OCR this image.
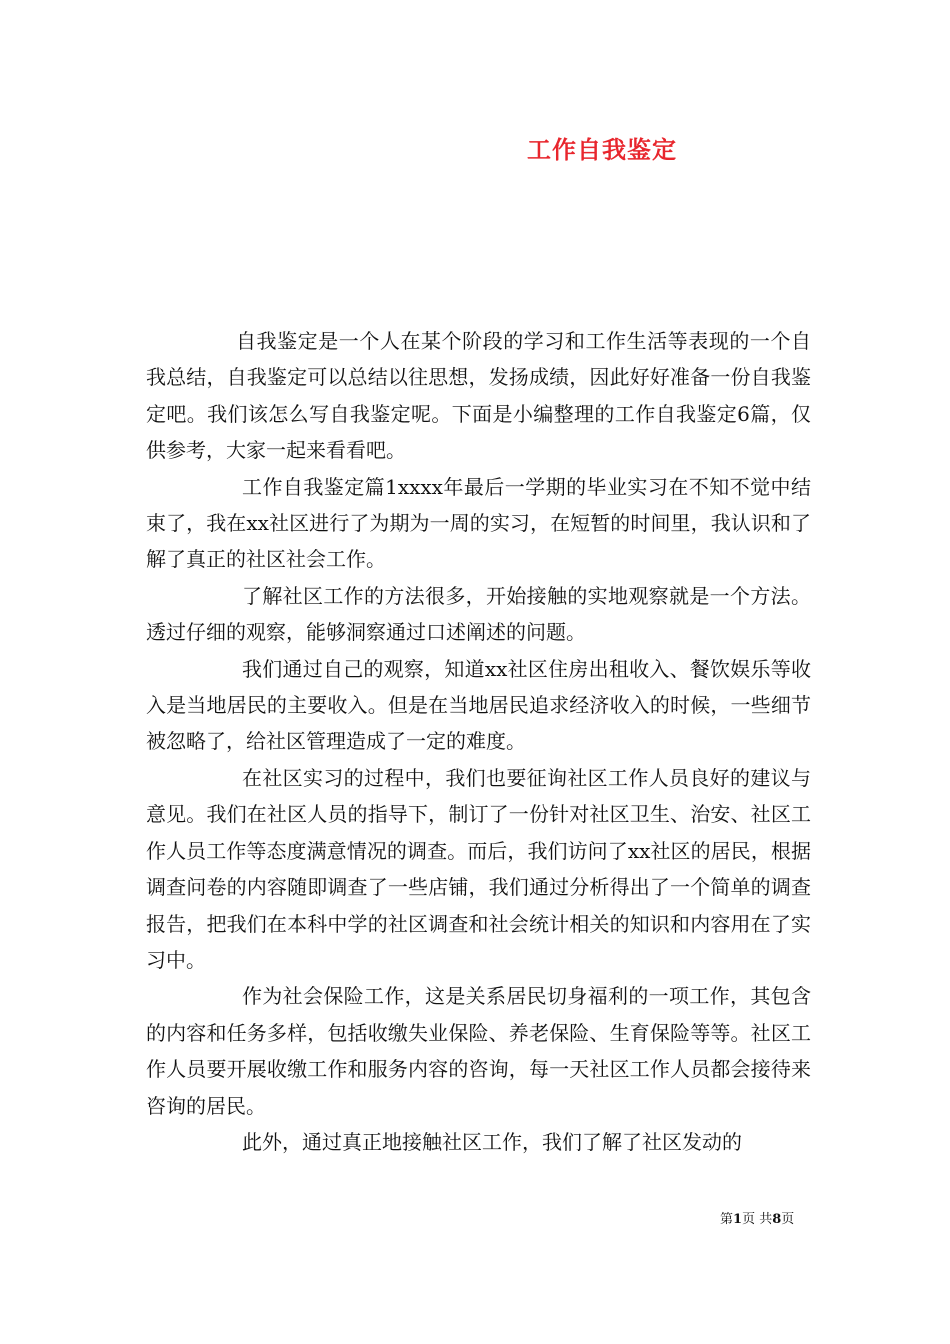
工作自我鉴定

自我鉴定是一个人在某个阶段的学习和工作生活等表现的一个自我总结，自我鉴定可以总结以往思想，发扬成绩，因此好好准备一份自我鉴定吧。我们该怎么写自我鉴定呢。下面是小编整理的工作自我鉴定6篇，仅供参考，大家一起来看看吧。

工作自我鉴定篇1xxxx年最后一学期的毕业实习在不知不觉中结束了，我在xx社区进行了为期为一周的实习，在短暂的时间里，我认识和了解了真正的社区社会工作。

了解社区工作的方法很多，开始接触的实地观察就是一个方法。透过仔细的观察，能够洞察通过口述阐述的问题。

我们通过自己的观察，知道xx社区住房出租收入、餐饮娱乐等收入是当地居民的主要收入。但是在当地居民追求经济收入的时候，一些细节被忽略了，给社区管理造成了一定的难度。

在社区实习的过程中，我们也要征询社区工作人员良好的建议与意见。我们在社区人员的指导下，制订了一份针对社区卫生、治安、社区工作人员工作等态度满意情况的调查。而后，我们访问了xx社区的居民，根据调查问卷的内容随即调查了一些店铺，我们通过分析得出了一个简单的调查报告，把我们在本科中学的社区调查和社会统计相关的知识和内容用在了实习中。

作为社会保险工作，这是关系居民切身福利的一项工作，其包含的内容和任务多样，包括收缴失业保险、养老保险、生育保险等等。社区工作人员要开展收缴工作和服务内容的咨询，每一天社区工作人员都会接待来咨询的居民。

此外，通过真正地接触社区工作，我们了解了社区发动的

第1页 共8页
